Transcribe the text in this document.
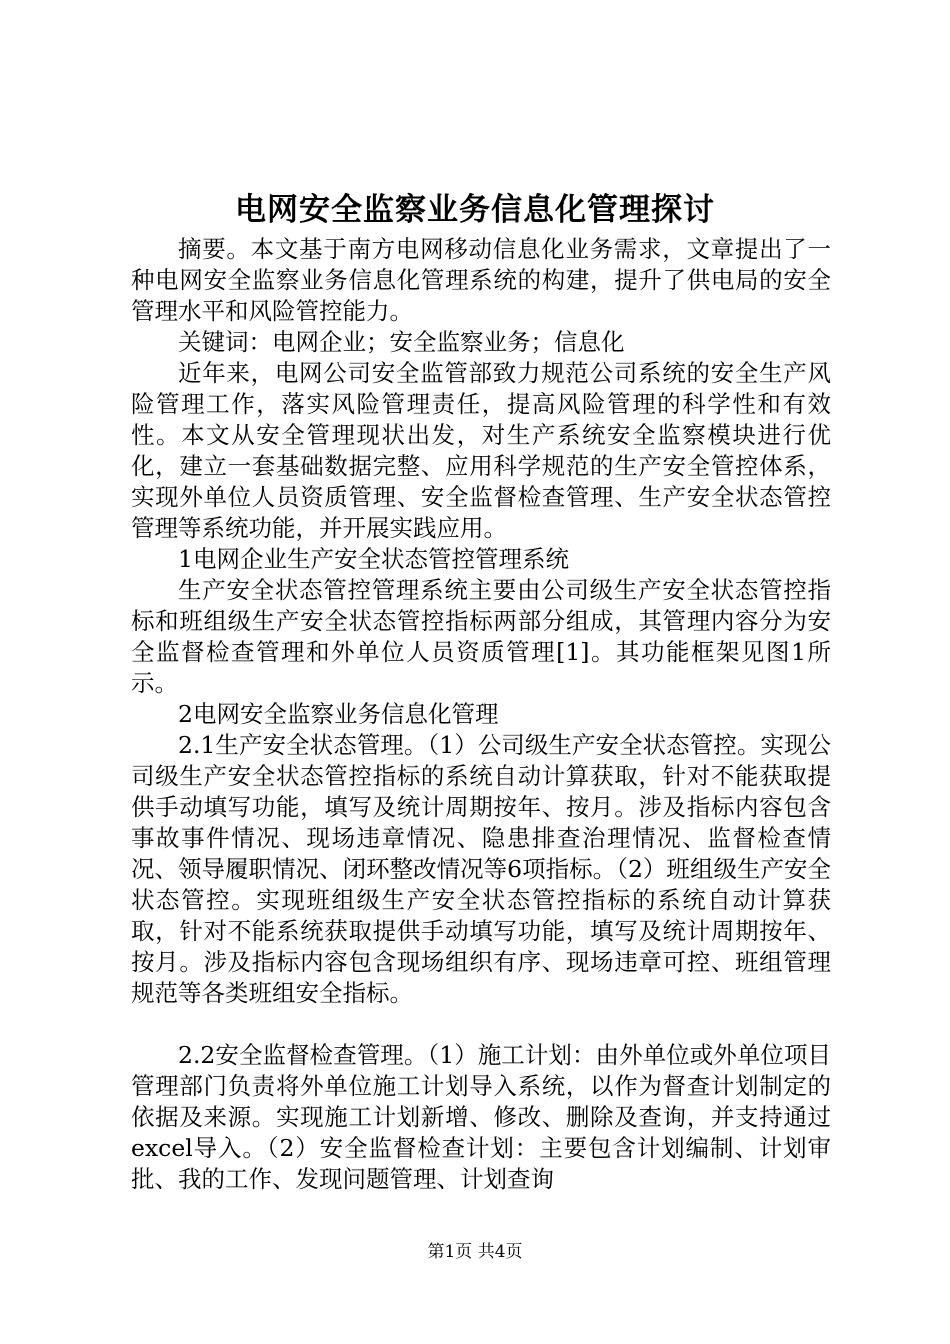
电网安全监察业务信息化管理探讨

摘要。本文基于南方电网移动信息化业务需求，文章提出了一种电网安全监察业务信息化管理系统的构建，提升了供电局的安全管理水平和风险管控能力。

关键词：电网企业；安全监察业务；信息化

近年来，电网公司安全监管部致力规范公司系统的安全生产风险管理工作，落实风险管理责任，提高风险管理的科学性和有效性。本文从安全管理现状出发，对生产系统安全监察模块进行优化，建立一套基础数据完整、应用科学规范的生产安全管控体系，实现外单位人员资质管理、安全监督检查管理、生产安全状态管控管理等系统功能，并开展实践应用。

1电网企业生产安全状态管控管理系统

生产安全状态管控管理系统主要由公司级生产安全状态管控指标和班组级生产安全状态管控指标两部分组成，其管理内容分为安全监督检查管理和外单位人员资质管理[1]。其功能框架见图1所示。

2电网安全监察业务信息化管理

2.1生产安全状态管理。（1）公司级生产安全状态管控。实现公司级生产安全状态管控指标的系统自动计算获取，针对不能获取提供手动填写功能，填写及统计周期按年、按月。涉及指标内容包含事故事件情况、现场违章情况、隐患排查治理情况、监督检查情况、领导履职情况、闭环整改情况等6项指标。（2）班组级生产安全状态管控。实现班组级生产安全状态管控指标的系统自动计算获取，针对不能系统获取提供手动填写功能，填写及统计周期按年、按月。涉及指标内容包含现场组织有序、现场违章可控、班组管理规范等各类班组安全指标。

2.2安全监督检查管理。（1）施工计划：由外单位或外单位项目管理部门负责将外单位施工计划导入系统，以作为督查计划制定的依据及来源。实现施工计划新增、修改、删除及查询，并支持通过excel导入。（2）安全监督检查计划：主要包含计划编制、计划审批、我的工作、发现问题管理、计划查询

第1页 共4页
